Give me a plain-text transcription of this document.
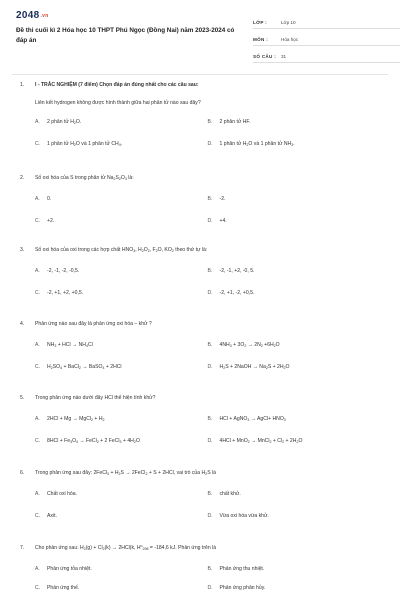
$2048^{.vn}$
Đề thi cuối kì 2 Hóa học 10 THPT Phú Ngọc (Đồng Nai) năm 2023-2024 có đáp án
LỚP :	Lớp 10
MÔN :	Hóa học
SỐ CÂU :	31
1.	I - TRẮC NGHIỆM (7 điểm) Chọn đáp án đúng nhất cho các câu sau:
Liên kết hydrogen không được hình thành giữa hai phân tử nào sau đây?
A.	2 phân tử $H_2O$.	B.	2 phân tử HF.
C.	1 phân tử $H_2O$ và 1 phân tử $CH_4$.	D.	1 phân tử $H_2O$ và 1 phân tử $NH_3$.
2.	Số oxi hóa của S trong phân tử $Na_2S_2O_3$ là:
A.	0.	B.	-2.
C.	+2.	D.	+4.
3.	Số oxi hóa của oxi trong các hợp chất $HNO_3$, $H_2O_2$, $F_2O$, $KO_2$ theo thứ tự là:
A.	-2, -1, -2, -0,5.	B.	-2, -1, +2, -0, 5.
C.	-2, +1, +2, +0,5.	D.	-2, +1, -2, +0,5.
4.	Phản ứng nào sau đây là phản ứng oxi hóa – khử ?
A.	$NH_3$ + HCl → $NH_4Cl$	B.	$4NH_3 + 3O_2 \to 2N_2 +6H_2O$
C.	$H_2SO_4$ + BaCl$_2$ → BaSO$_4$ + 2HCl	D.	$H_2S$ + 2NaOH → $Na_2S + 2H_2O$
5.	Trong phản ứng nào dưới đây HCl thể hiện tính khử?
A.	2HCl + Mg → MgCl$_2$ + $H_2$	B.	HCl + AgNO$_3$ → AgCl+ $HNO_3$
C.	$8HCl + Fe_3O_4$ → FeCl$_2$ + 2 FeCl$_3$ + $4H_2O$	D.	4HCl + MnO$_2$ → MnCl$_2$ + $Cl_2 + 2H_2O$
6.	Trong phản ứng sau đây: 2FeCl$_3$ + $H_2S$ → 2FeCl$_2$ + S + 2HCl, vai trò của $H_2S$ là
A.	Chất oxi hóa.	B.	chất khử.
C.	Axit.	D.	Vừa oxi hóa vừa khử.
7.	Cho phản ứng sau: $H_2(g) + Cl_2(k) \to 2HCl(k$, $H^o_{298} = -184,6$ kJ. Phản ứng trên là
A.	Phản ứng tỏa nhiệt.	B.	Phản ứng thu nhiệt.
C.	Phản ứng thế.	D.	Phản ứng phân hủy.
